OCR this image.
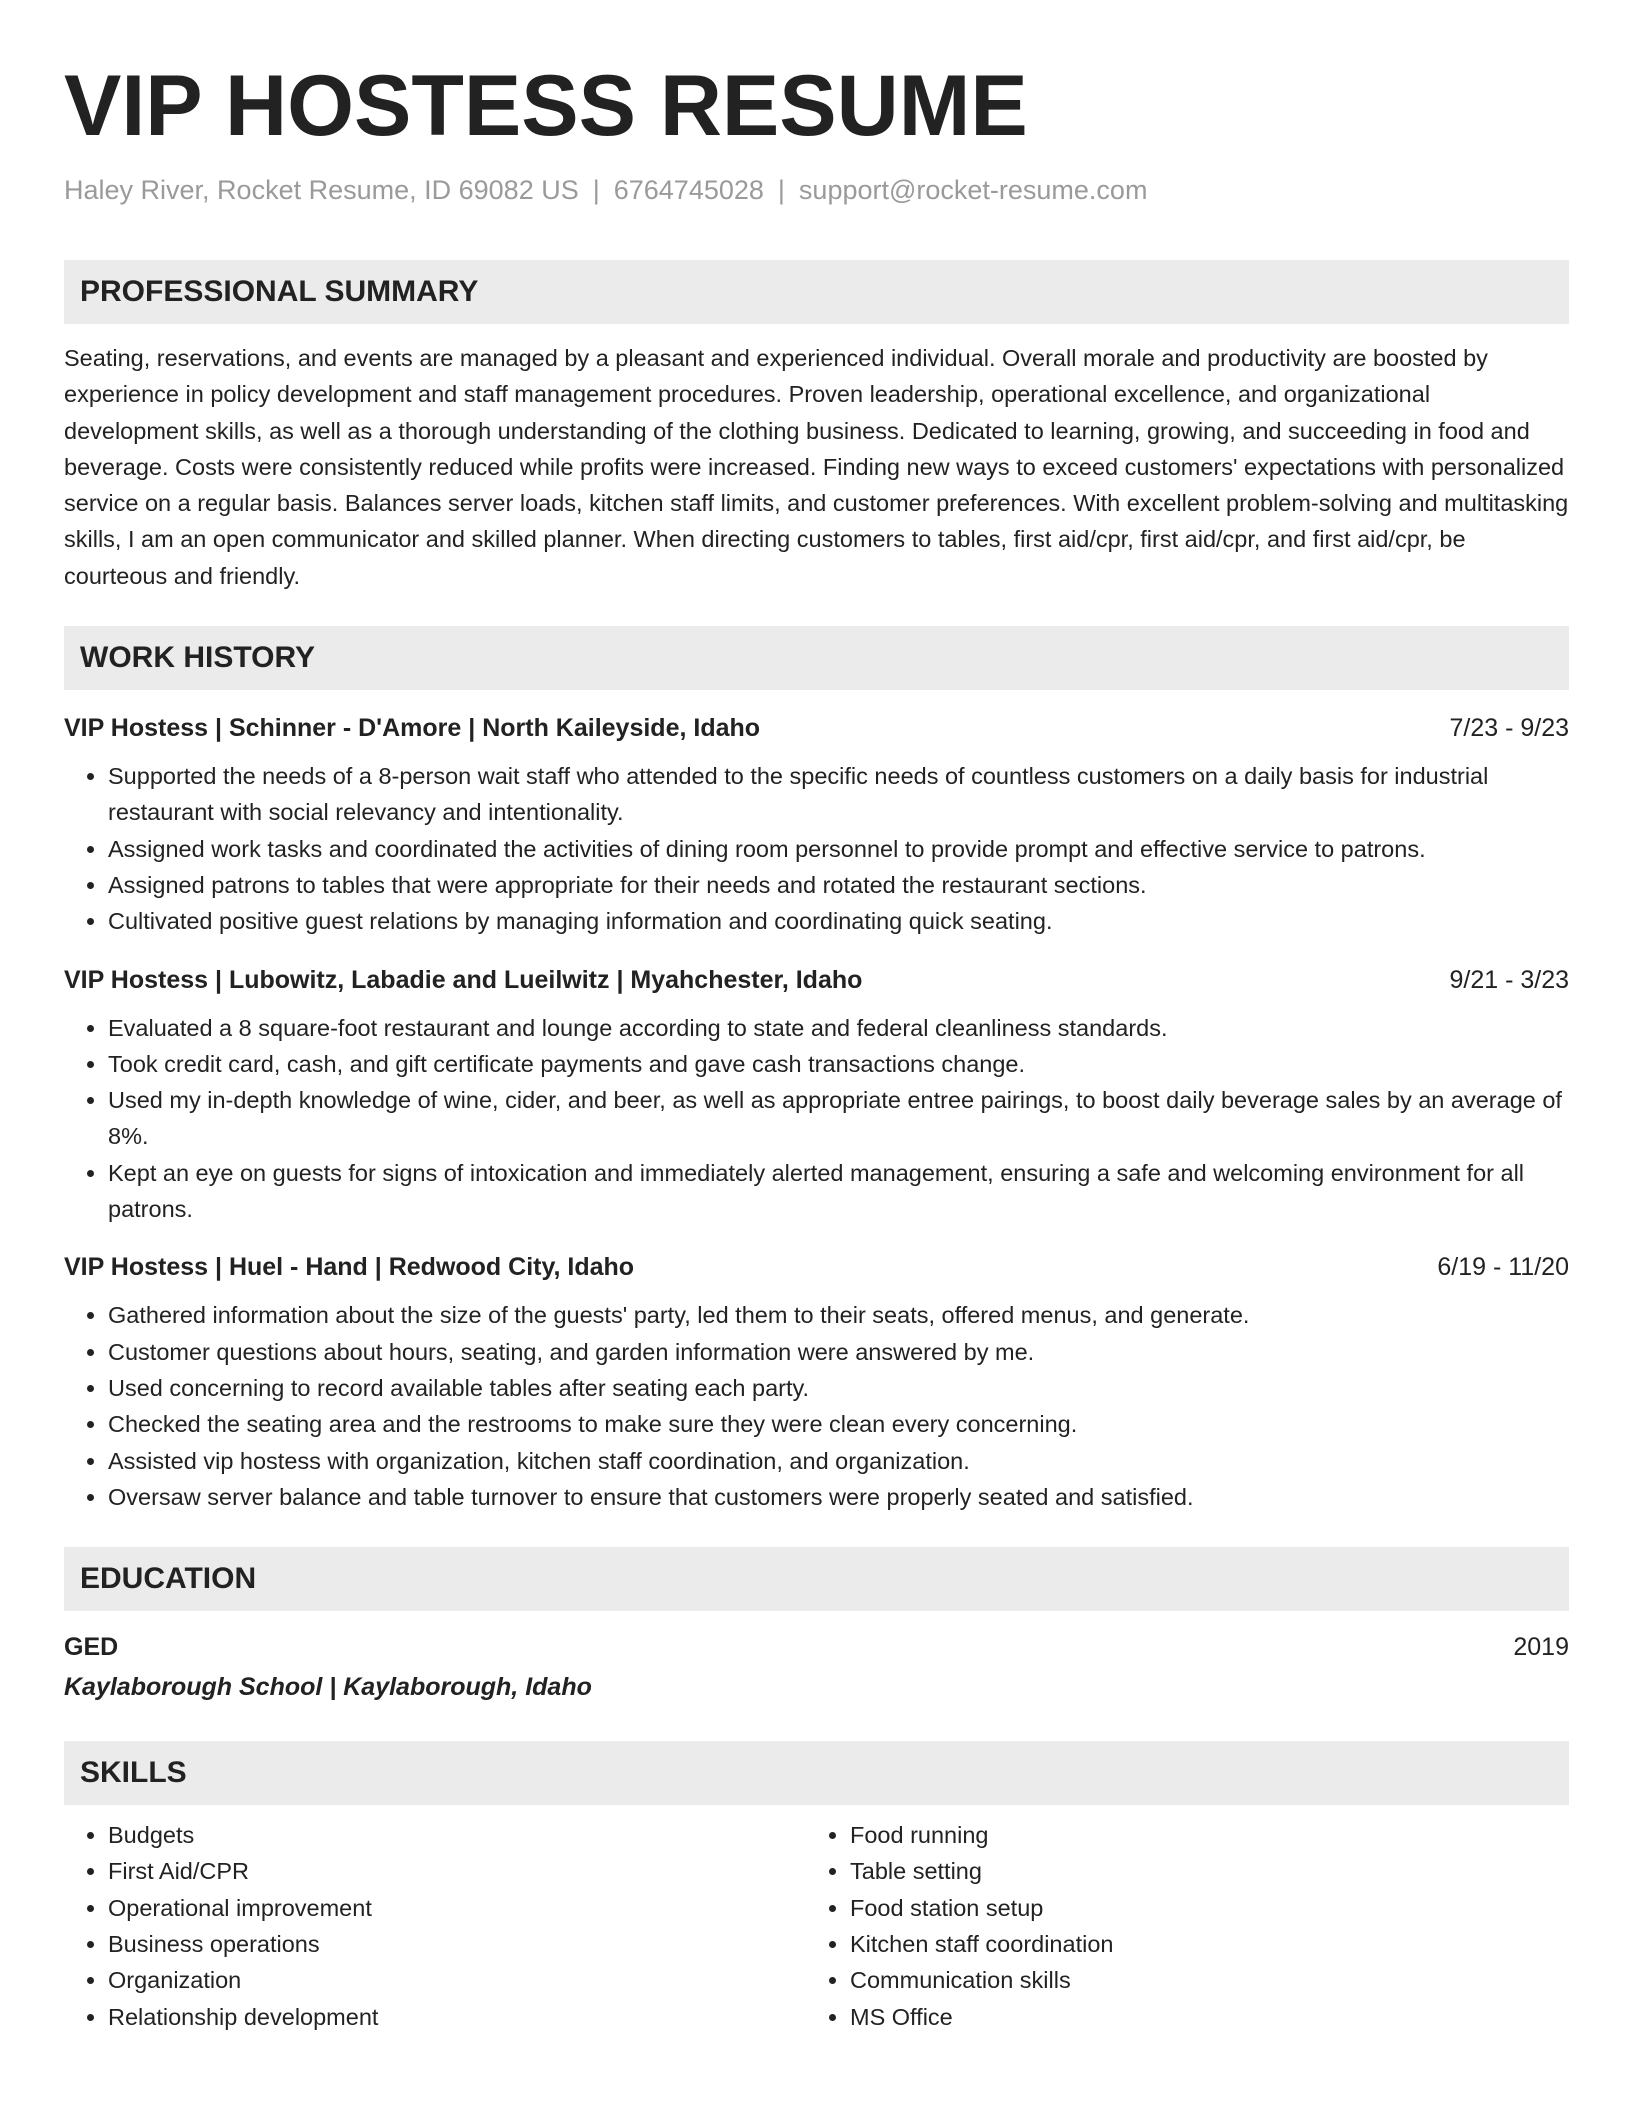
VIP HOSTESS RESUME
Haley River, Rocket Resume, ID 69082 US | 6764745028 | support@rocket-resume.com
PROFESSIONAL SUMMARY

Seating, reservations, and events are managed by a pleasant and experienced individual. Overall morale and productivity are boosted by experience in policy development and staff management procedures. Proven leadership, operational excellence, and organizational development skills, as well as a thorough understanding of the clothing business. Dedicated to learning, growing, and succeeding in food and beverage. Costs were consistently reduced while profits were increased. Finding new ways to exceed customers' expectations with personalized service on a regular basis. Balances server loads, kitchen staff limits, and customer preferences. With excellent problem-solving and multitasking skills, I am an open communicator and skilled planner. When directing customers to tables, first aid/cpr, first aid/cpr, and first aid/cpr, be courteous and friendly.

WORK HISTORY
VIP Hostess | Schinner - D'Amore | North Kaileyside, Idaho	7/23 - 9/23
• Supported the needs of a 8-person wait staff who attended to the specific needs of countless customers on a daily basis for industrial restaurant with social relevancy and intentionality.
• Assigned work tasks and coordinated the activities of dining room personnel to provide prompt and effective service to patrons.
• Assigned patrons to tables that were appropriate for their needs and rotated the restaurant sections.
• Cultivated positive guest relations by managing information and coordinating quick seating.
VIP Hostess | Lubowitz, Labadie and Lueilwitz | Myahchester, Idaho	9/21 - 3/23
• Evaluated a 8 square-foot restaurant and lounge according to state and federal cleanliness standards.
• Took credit card, cash, and gift certificate payments and gave cash transactions change.
• Used my in-depth knowledge of wine, cider, and beer, as well as appropriate entree pairings, to boost daily beverage sales by an average of 8%.
• Kept an eye on guests for signs of intoxication and immediately alerted management, ensuring a safe and welcoming environment for all patrons.
VIP Hostess | Huel - Hand | Redwood City, Idaho	6/19 - 11/20
• Gathered information about the size of the guests' party, led them to their seats, offered menus, and generate.
• Customer questions about hours, seating, and garden information were answered by me.
• Used concerning to record available tables after seating each party.
• Checked the seating area and the restrooms to make sure they were clean every concerning.
• Assisted vip hostess with organization, kitchen staff coordination, and organization.
• Oversaw server balance and table turnover to ensure that customers were properly seated and satisfied.
EDUCATION
GED	2019
Kaylaborough School | Kaylaborough, Idaho
SKILLS
• Budgets
• First Aid/CPR
• Operational improvement
• Business operations
• Organization
• Relationship development
• Food running
• Table setting
• Food station setup
• Kitchen staff coordination
• Communication skills
• MS Office
